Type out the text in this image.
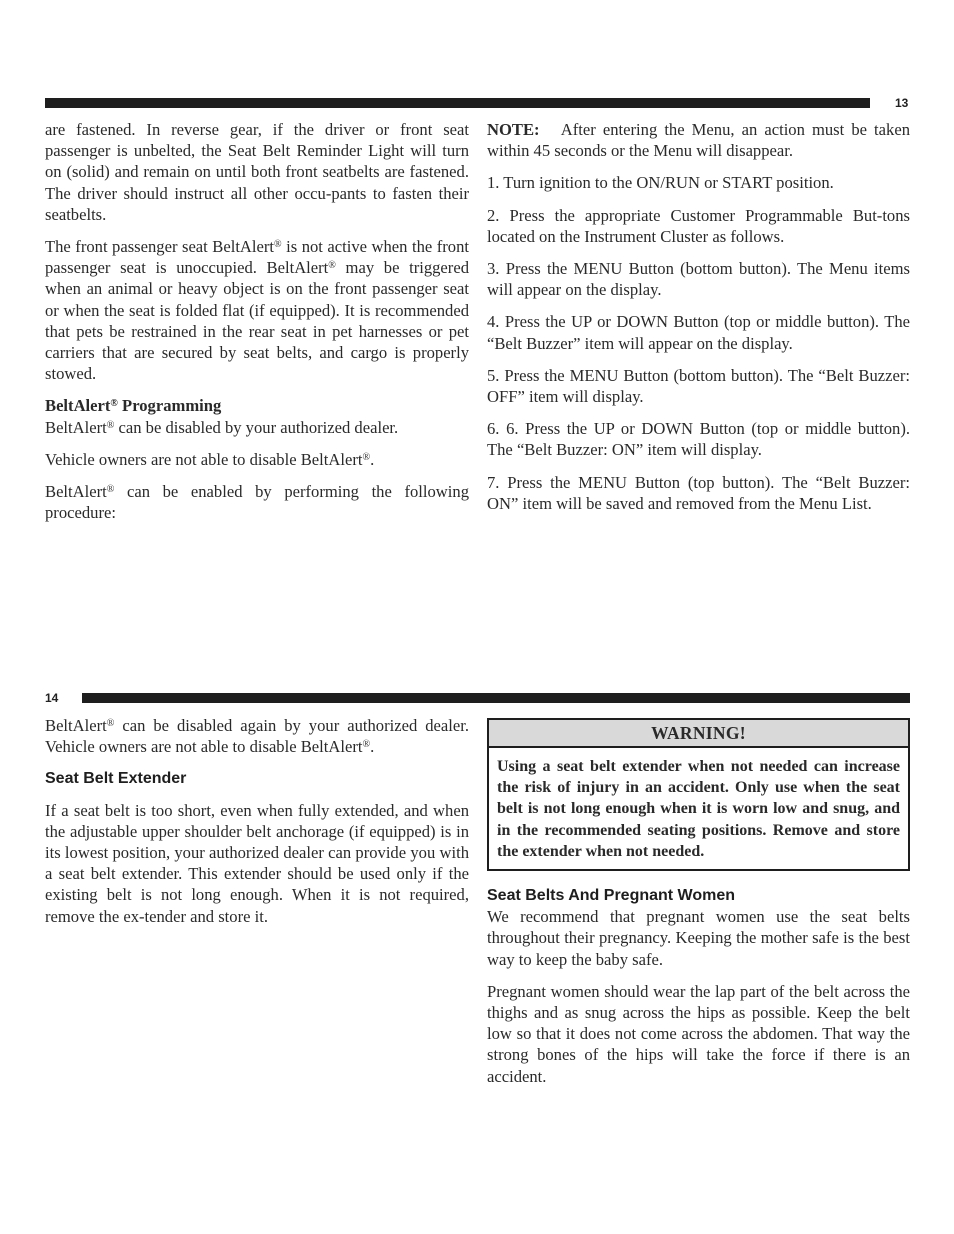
13

are fastened. In reverse gear, if the driver or front seat passenger is unbelted, the Seat Belt Reminder Light will turn on (solid) and remain on until both front seatbelts are fastened. The driver should instruct all other occu-pants to fasten their seatbelts.

The front passenger seat BeltAlert® is not active when the front passenger seat is unoccupied. BeltAlert® may be triggered when an animal or heavy object is on the front passenger seat or when the seat is folded flat (if equipped). It is recommended that pets be restrained in the rear seat in pet harnesses or pet carriers that are secured by seat belts, and cargo is properly stowed.

BeltAlert® Programming

BeltAlert® can be disabled by your authorized dealer.

Vehicle owners are not able to disable BeltAlert®.

BeltAlert® can be enabled by performing the following procedure:

NOTE: After entering the Menu, an action must be taken within 45 seconds or the Menu will disappear.

1. Turn ignition to the ON/RUN or START position.

2. Press the appropriate Customer Programmable But-tons located on the Instrument Cluster as follows.

3. Press the MENU Button (bottom button). The Menu items will appear on the display.

4. Press the UP or DOWN Button (top or middle button). The “Belt Buzzer” item will appear on the display.

5. Press the MENU Button (bottom button). The “Belt Buzzer: OFF” item will display.

6. 6. Press the UP or DOWN Button (top or middle button). The “Belt Buzzer: ON” item will display.

7. Press the MENU Button (top button). The “Belt Buzzer: ON” item will be saved and removed from the Menu List.

14

BeltAlert® can be disabled again by your authorized dealer. Vehicle owners are not able to disable BeltAlert®.

Seat Belt Extender

If a seat belt is too short, even when fully extended, and when the adjustable upper shoulder belt anchorage (if equipped) is in its lowest position, your authorized dealer can provide you with a seat belt extender. This extender should be used only if the existing belt is not long enough. When it is not required, remove the ex-tender and store it.

WARNING!
Using a seat belt extender when not needed can increase the risk of injury in an accident. Only use when the seat belt is not long enough when it is worn low and snug, and in the recommended seating positions. Remove and store the extender when not needed.
Seat Belts And Pregnant Women

We recommend that pregnant women use the seat belts throughout their pregnancy. Keeping the mother safe is the best way to keep the baby safe.

Pregnant women should wear the lap part of the belt across the thighs and as snug across the hips as possible. Keep the belt low so that it does not come across the abdomen. That way the strong bones of the hips will take the force if there is an accident.
